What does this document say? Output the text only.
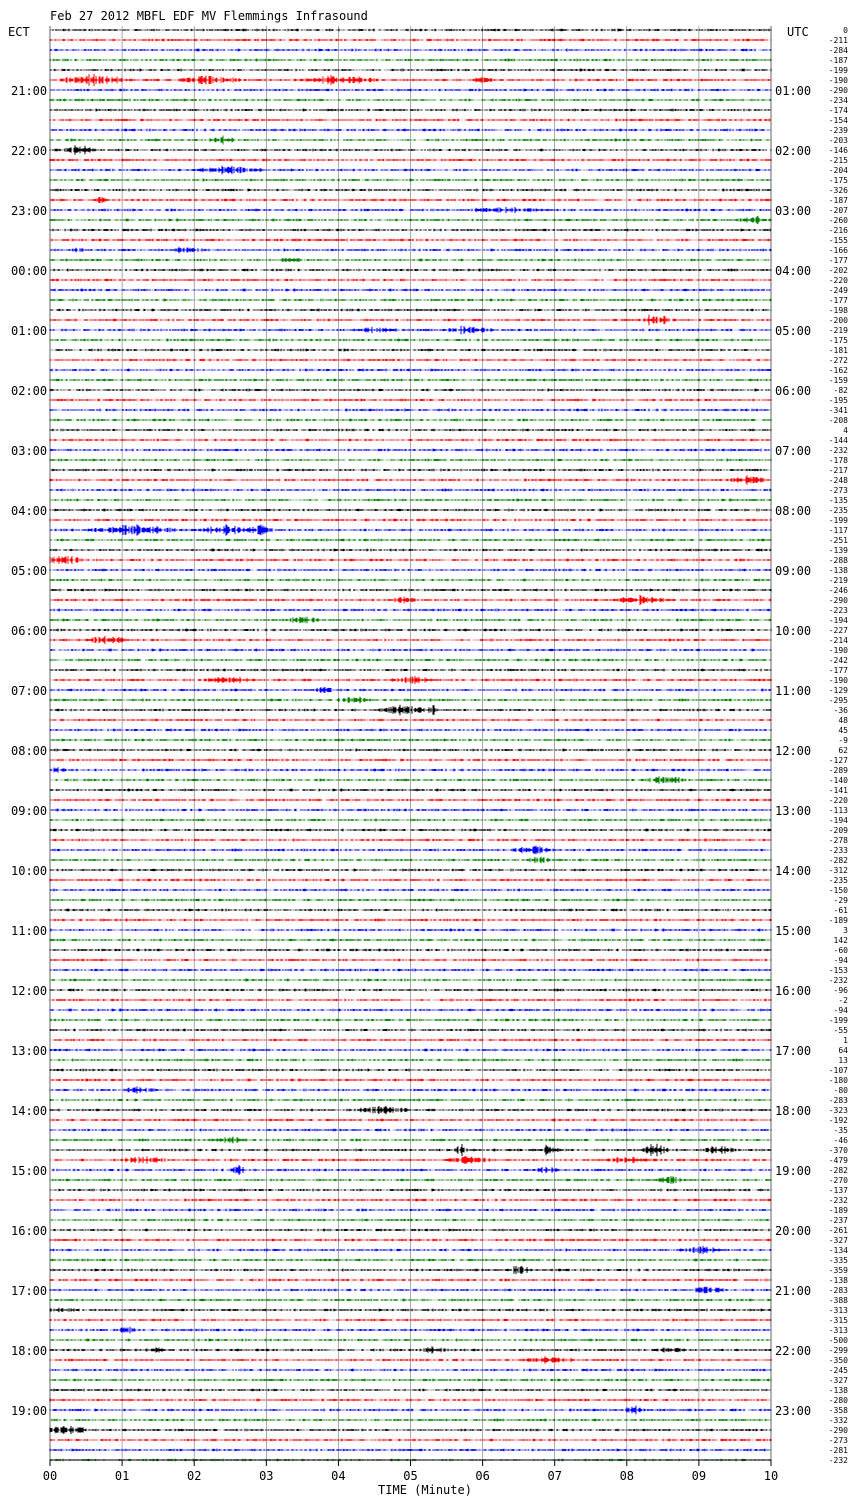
Feb 27 2012 MBFL EDF MV Flemmings Infrasound
ECT	UTC
00	01	02	03	04	05	06	07	08	09	10
21:00
22:00
23:00
00:00
01:00
02:00
03:00
04:00
05:00
06:00
07:00
08:00
09:00
10:00
11:00
12:00
13:00
14:00
15:00
16:00
17:00
18:00
19:00
01:00
02:00
03:00
04:00
05:00
06:00
07:00
08:00
09:00
10:00
11:00
12:00
13:00
14:00
15:00
16:00
17:00
18:00
19:00
20:00
21:00
22:00
23:00
0
-211
-284
-187
-199
-190
-290
-234
-174
-154
-239
-203
-146
-215
-204
-175
-326
-187
-207
-260
-216
-155
-166
-177
-202
-220
-249
-177
-198
-200
-219
-175
-181
-272
-162
-159
-82
-195
-341
-208
4
-144
-232
-178
-217
-248
-273
-135
-235
-199
-117
-251
-139
-288
-138
-219
-246
-290
-223
-194
-227
-214
-190
-242
-177
-190
-129
-295
-36
48
45
-9
62
-127
-289
-140
-141
-220
-113
-194
-209
-278
-233
-282
-312
-235
-150
-29
-61
-189
3
142
-60
-94
-153
-232
-96
-2
-94
-199
-55
1
64
13
-107
-180
-80
-283
-323
-192
-35
-46
-370
-479
-282
-270
-137
-232
-189
-237
-261
-327
-134
-335
-359
-138
-283
-388
-313
-315
-313
-500
-299
-350
-245
-327
-138
-280
-358
-332
-290
-273
-281
-232
TIME (Minute)
